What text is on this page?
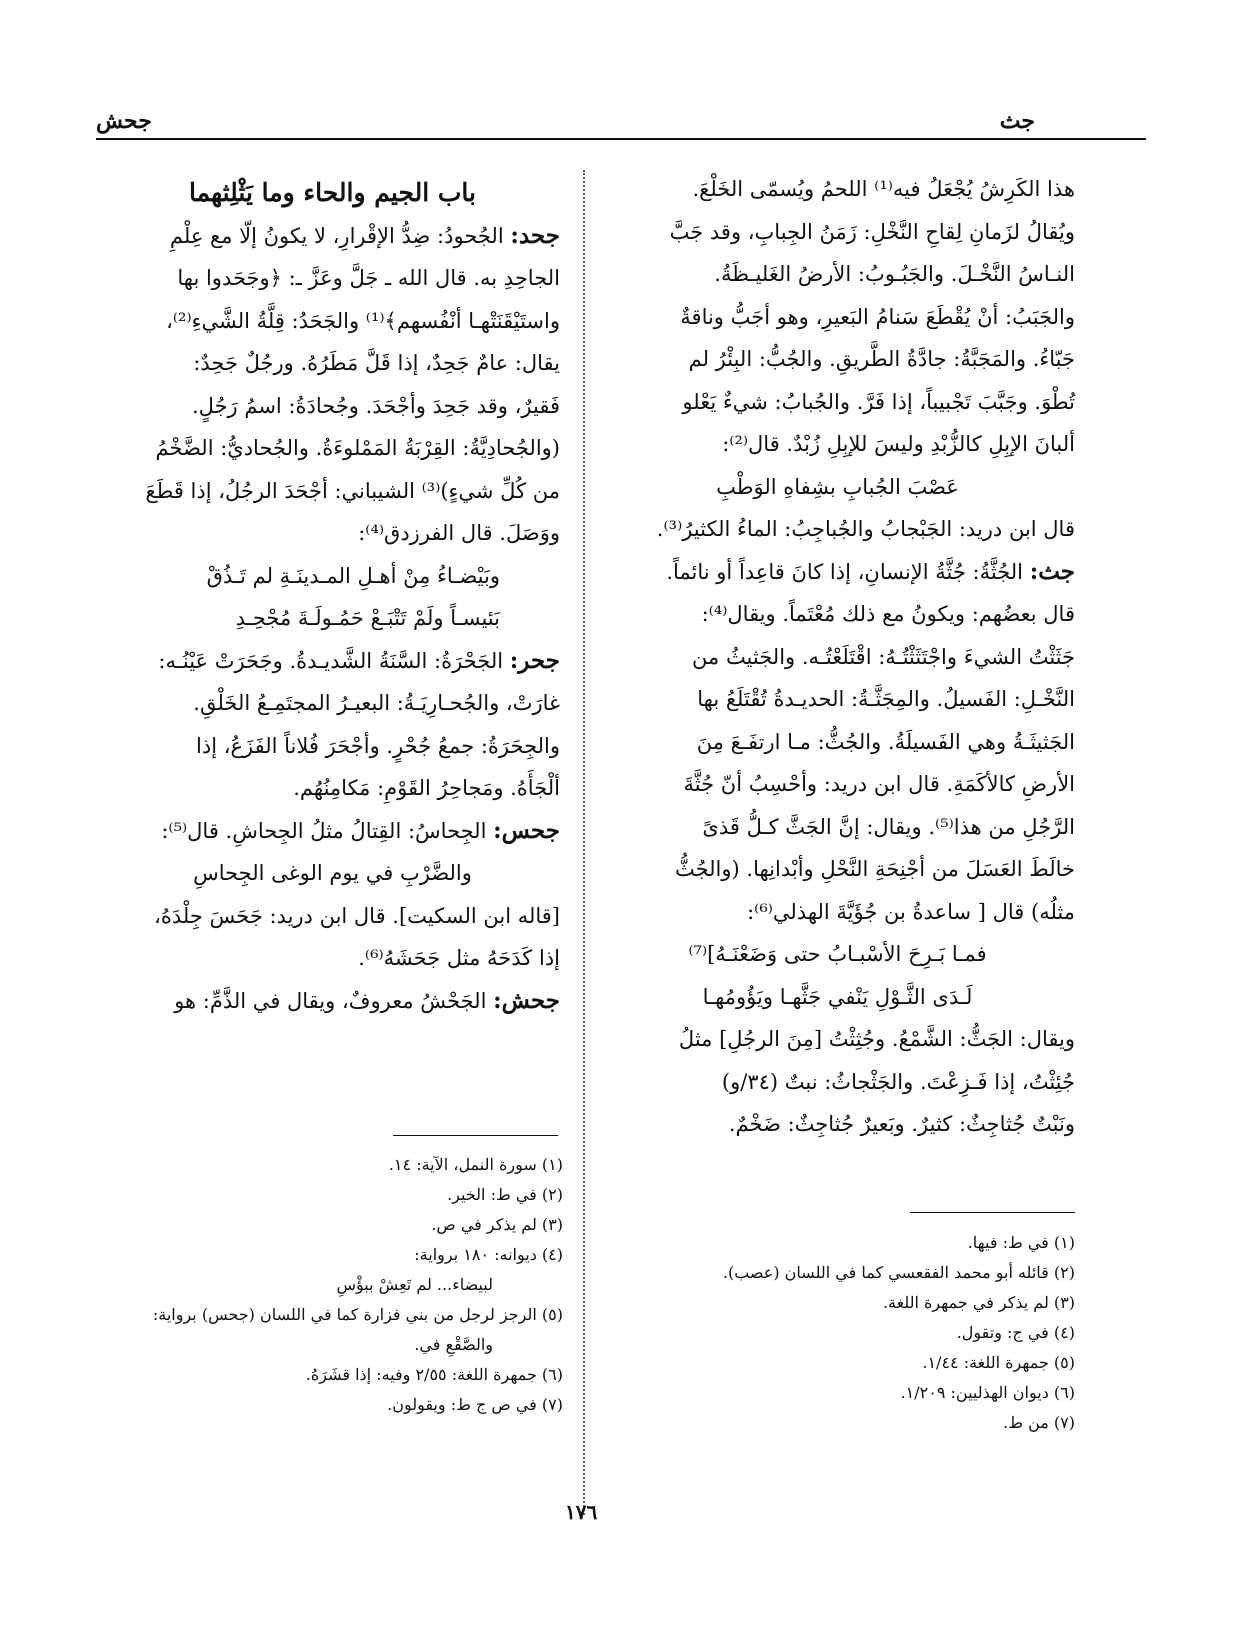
جث
جحش

هذا الكَرِشُ يُجْعَلُ فيه⁽¹⁾ اللحمُ ويُسمّى الخَلْعَ.

ويُقالُ لزَمانِ لِقاحِ النَّخْلِ: زَمَنُ الجِبابِ، وقد جَبَّ

النـاسُ النَّخْـلَ. والجَبُـوبُ: الأرضُ الغَليـظَةُ.

والجَبَبُ: أنْ يُقْطَعَ سَنامُ البَعيرِ، وهو أجَبُّ وناقةٌ

جَبّاءُ. والمَجَبَّةُ: جادَّةُ الطَّريقِ. والجُبُّ: البِئْرُ لم

تُطْوَ. وجَبَّبَ تَجْبيباً، إذا فَرَّ. والجُبابُ: شيءٌ يَعْلو

ألبانَ الإبِلِ كالزُّبْدِ وليسَ للإبِلِ زُبْدٌ. قال⁽²⁾:

عَصْبَ الجُبابِ بشِفاهِ الوَطْبِ

قال ابن دريد: الجَبْجابُ والجُباجِبُ: الماءُ الكثيرُ⁽³⁾.

جث: الجُثَّةُ: جُثَّةُ الإنسانِ، إذا كانَ قاعِداً أو نائماً.

قال بعضُهم: ويكونُ مع ذلك مُعْتَماً. ويقال⁽⁴⁾:

جَثَثْتُ الشيءَ واجْتَثَثْتُـهُ: اقْتَلَعْتُـه. والجَثيثُ من

النَّخْـلِ: الفَسيلُ. والمِجَثَّـةُ: الحديـدةُ تُقْتَلَعُ بها

الجَثيثَـةُ وهي الفَسيلَةُ. والجُثُّ: مـا ارتفَـعَ مِنَ

الأرضِ كالأكَمَةِ. قال ابن دريد: وأحْسِبُ أنّ جُثَّةَ

الرَّجُلِ من هذا⁽⁵⁾. ويقال: إنَّ الجَثَّ كـلُّ قَذىً

خالَطَ العَسَلَ من أجْنِحَةِ النَّحْلِ وأبْدانِها. (والجُثُّ

مثلُه) قال [ ساعدةُ بن جُؤَيَّةَ الهذلي⁽⁶⁾:

فمـا بَـرِحَ الأسْبـابُ حتى وَضَعْنَـهُ]⁽⁷⁾

لَـدَى الثَّـوْلِ يَنْفي جَثَّهـا ويَؤُومُهـا

ويقال: الجَثُّ: الشَّمْعُ. وجُثِثْتُ [مِنَ الرجُلِ] مثلُ

جُئِثْتُ، إذا فَـزِعْتَ. والجَثْجاثُ: نبتٌ (٣٤/و)

ونَبْتٌ جُثاجِثٌ: كثيرٌ. وبَعيرٌ جُثاجِثٌ: ضَخْمٌ.

باب الجيم والحاء وما يَثْلِثهما

جحد: الجُحودُ: ضِدُّ الإقْرارِ، لا يكونُ إلّا مع عِلْمِ

الجاحِدِ به. قال الله ـ جَلَّ وعَزَّ ـ: ﴿وجَحَدوا بها

واستَيْقَنَتْهـا أنْفُسهم﴾⁽¹⁾ والجَحَدُ: قِلَّةُ الشَّيءِ⁽²⁾،

يقال: عامٌ جَحِدٌ، إذا قَلَّ مَطَرُهُ. ورجُلٌ جَحِدٌ:

فَقيرٌ، وقد جَحِدَ وأجْحَدَ. وجُحادَةُ: اسمُ رَجُلٍ.

(والجُحادِيَّةُ: القِرْبَةُ المَمْلوءَةُ. والجُحاديُّ: الضَّخْمُ

من كُلِّ شيءٍ)⁽³⁾ الشيباني: أجْحَدَ الرجُلُ، إذا قَطَعَ

ووَصَلَ. قال الفرزدق⁽⁴⁾:

وبَيْضـاءُ مِنْ أهـلِ المـدينَـةِ لم تَـذُقْ

بَئيسـاً ولَمْ تَتْبَـعْ حَمُـولَـةَ مُجْحِـدِ

جحر: الجَحْرَةُ: السَّنَةُ الشَّديـدةُ. وجَحَرَتْ عَيْنُـه:

غارَتْ، والجُحـارِيَـةُ: البعيـرُ المجتَمِـعُ الخَلْقِ.

والجِحَرَةُ: جمعُ جُحْرٍ. وأجْحَرَ فُلاناً الفَزَعُ، إذا

ألْجَأَهُ. ومَجاحِرُ القَوْمِ: مَكامِنُهُم.

جحس: الجِحاسُ: القِتالُ مثلُ الجِحاشِ. قال⁽⁵⁾:

والضَّرْبِ في يوم الوغى الجِحاسِ

[قاله ابن السكيت]. قال ابن دريد: جَحَسَ جِلْدَهُ،

إذا كَدَحَهُ مثل جَحَشَهُ⁽⁶⁾.

جحش: الجَحْشُ معروفٌ، ويقال في الذَّمِّ: هو

(١) في ط: فيها.

(٢) قائله أبو محمد الفقعسي كما في اللسان (عصب).

(٣) لم يذكر في جمهرة اللغة.

(٤) في ج: وتقول.

(٥) جمهرة اللغة: ١/٤٤.

(٦) ديوان الهذليين: ١/٢٠٩.

(٧) من ط.

(١) سورة النمل، الآية: ١٤.

(٢) في ط: الخير.

(٣) لم يذكر في ص.

(٤) ديوانه: ١٨٠ برواية:

لبيضاء... لم تَعِشْ ببؤْسِ

(٥) الرجز لرجل من بني فزارة كما في اللسان (جحس) برواية:

والصَّقْعِ في.

(٦) جمهرة اللغة: ٢/٥٥ وفيه: إذا قشَرَهُ.

(٧) في ص ج ط: ويقولون.

١٧٦
